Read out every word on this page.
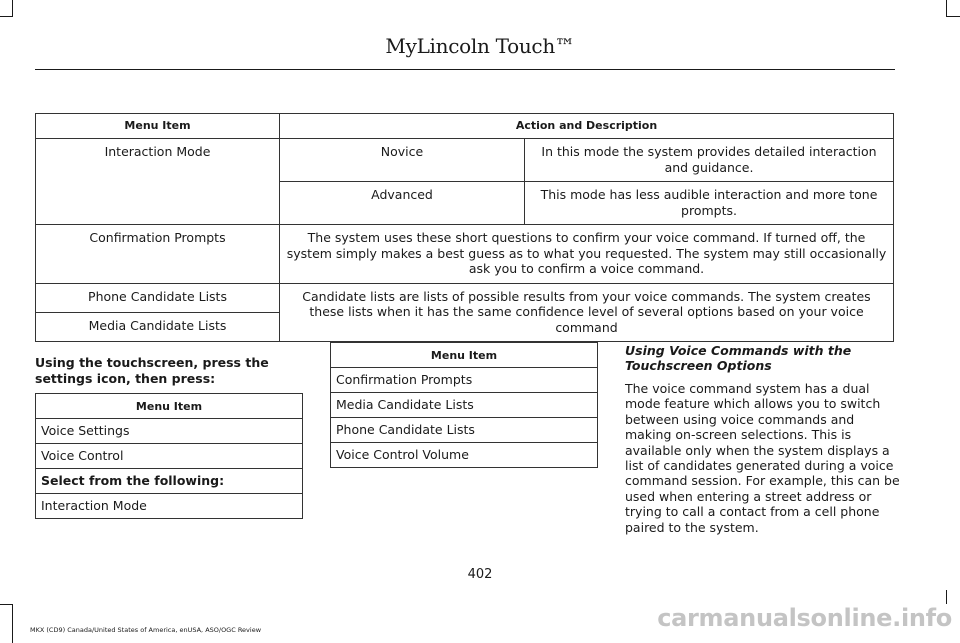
MyLincoln Touch™
Menu Item	Action and Description	
Interaction Mode	Novice	In this mode the system provides detailed interaction and guidance.
	Advanced	This mode has less audible interaction and more tone prompts.
Confirmation Prompts	The system uses these short questions to confirm your voice command. If turned off, the system simply makes a best guess as to what you requested. The system may still occasionally ask you to confirm a voice command.	
Phone Candidate Lists	Candidate lists are lists of possible results from your voice commands. The system creates these lists when it has the same confidence level of several options based on your voice command	
Media Candidate Lists		
Using the touchscreen, press the settings icon, then press:
Menu Item
Voice Settings
Voice Control
Select from the following:
Interaction Mode
Menu Item
Confirmation Prompts
Media Candidate Lists
Phone Candidate Lists
Voice Control Volume
Using Voice Commands with the Touchscreen Options
The voice command system has a dual mode feature which allows you to switch between using voice commands and making on-screen selections. This is available only when the system displays a list of candidates generated during a voice command session. For example, this can be used when entering a street address or trying to call a contact from a cell phone paired to the system.
402
MKX (CD9) Canada/United States of America, enUSA, ASO/OGC Review	carmanualsonline.info
